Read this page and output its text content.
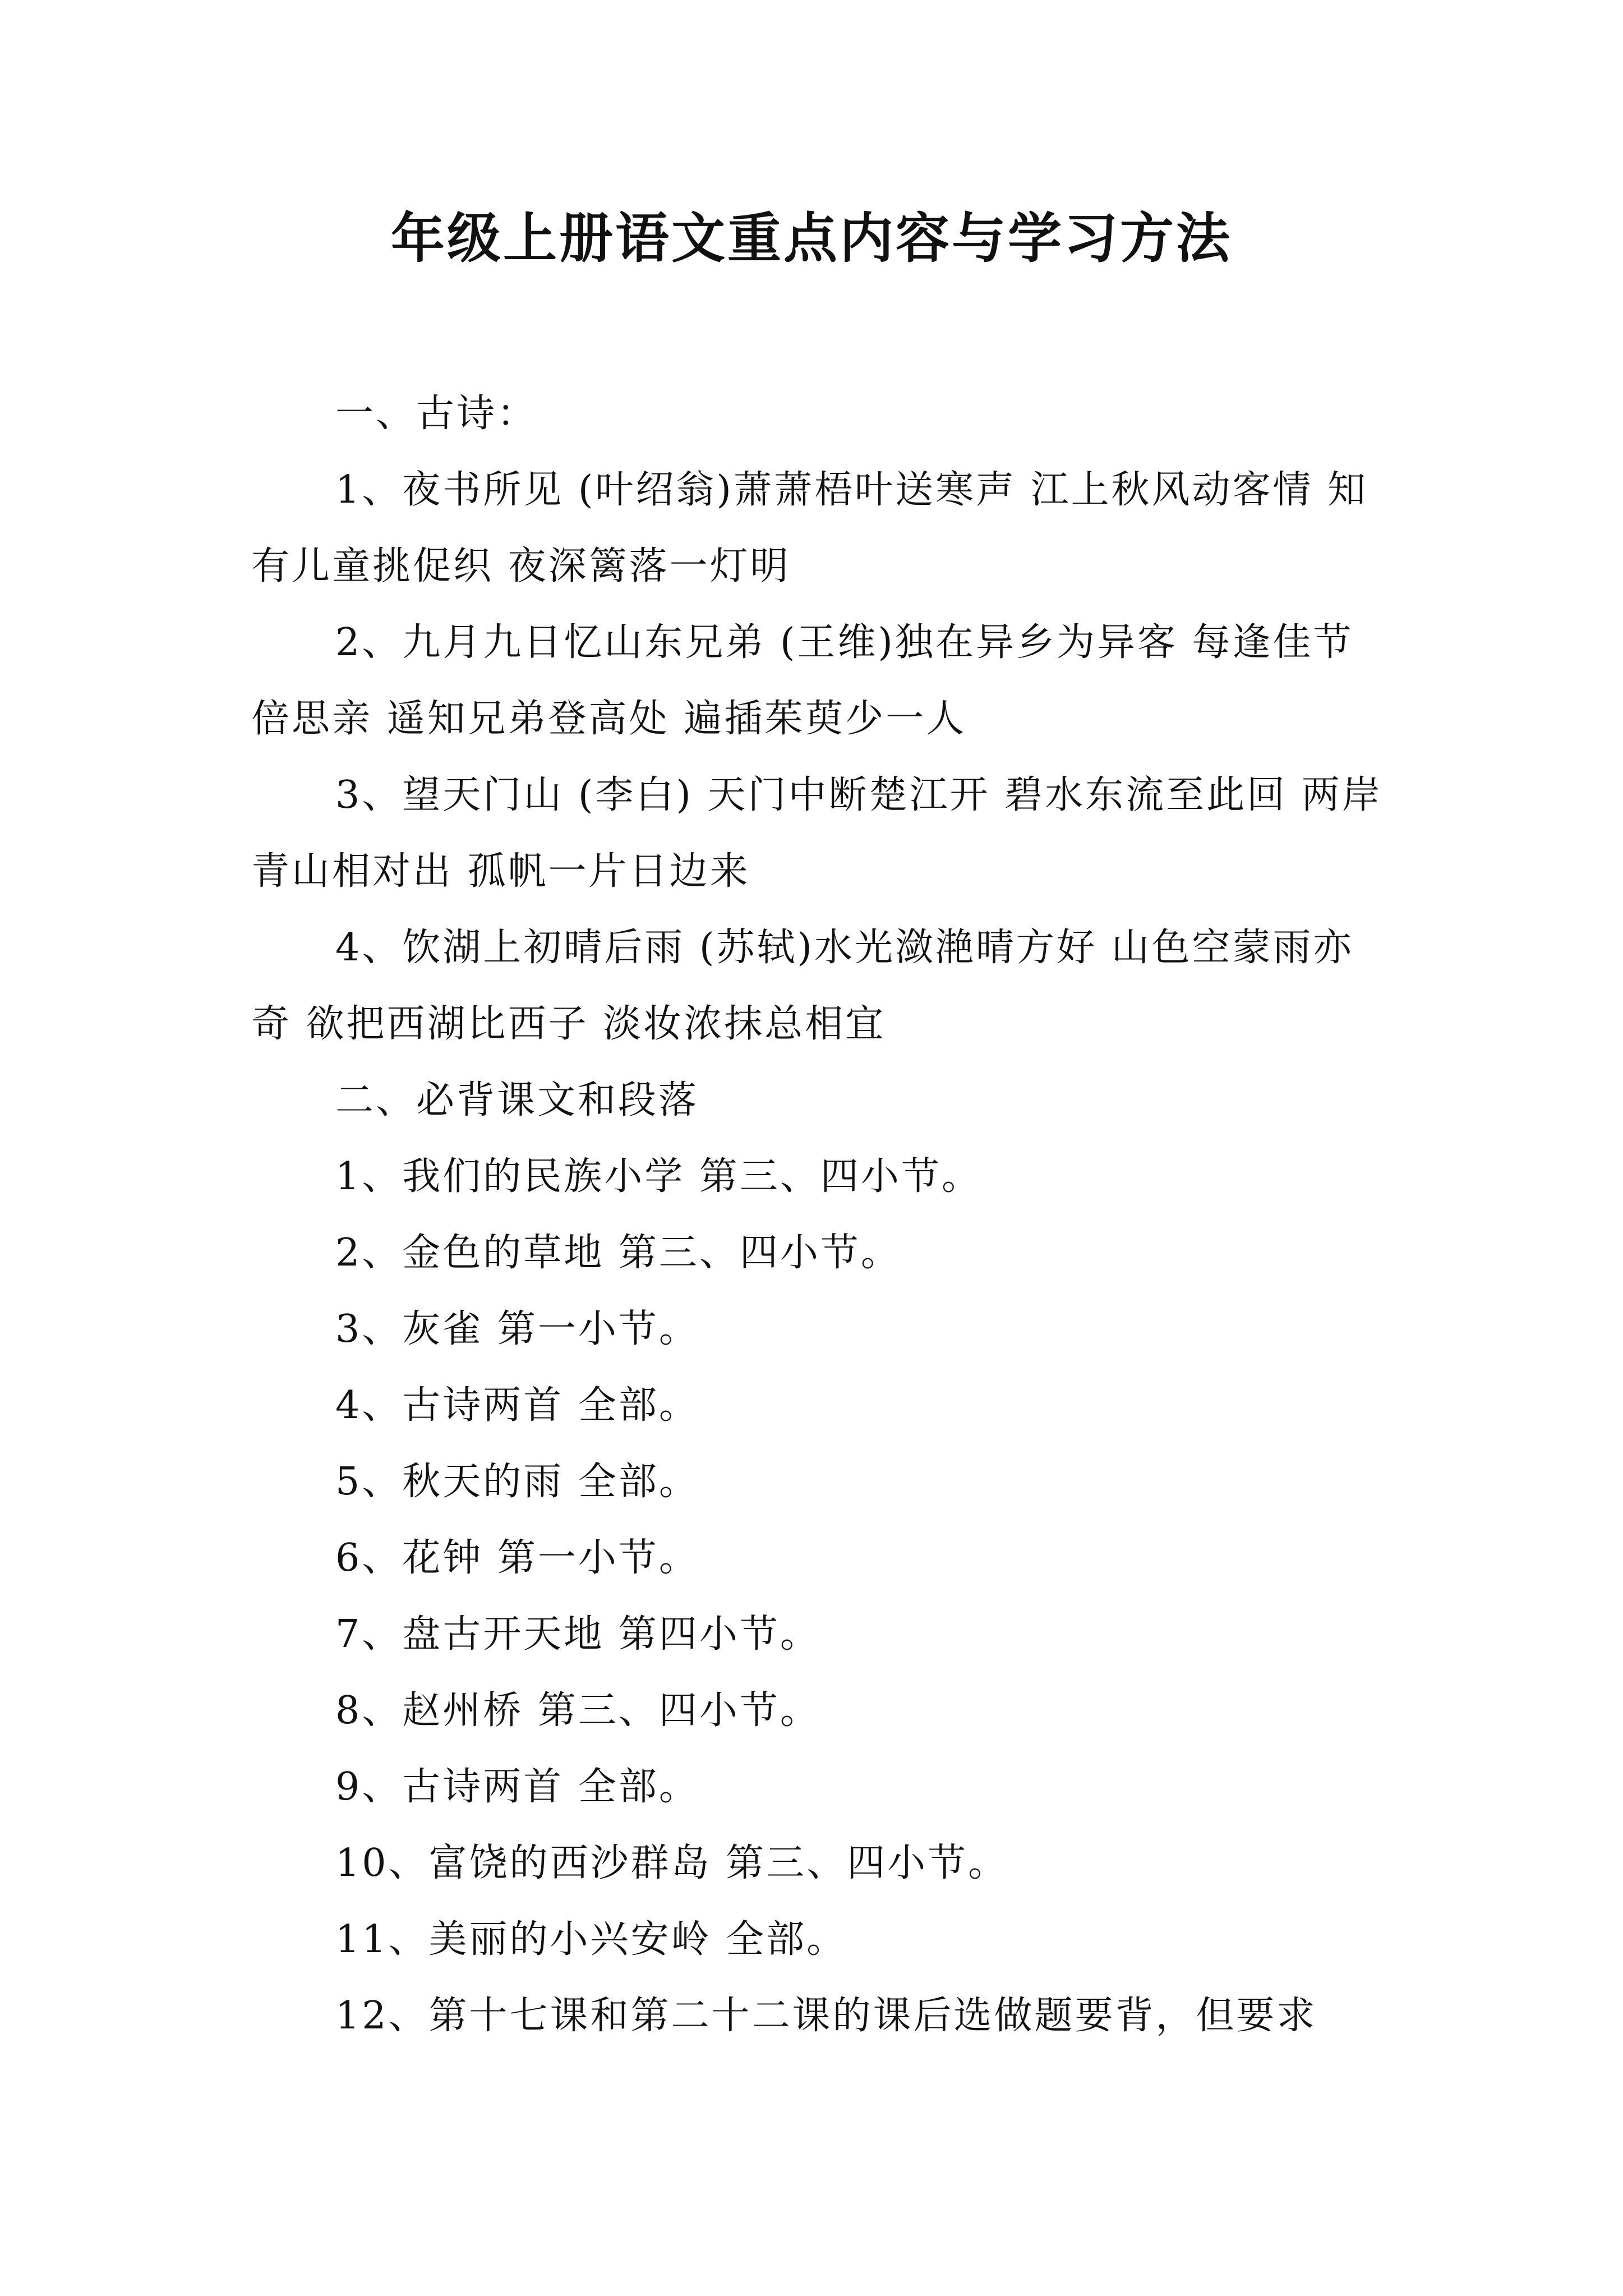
年级上册语文重点内容与学习方法

一、古诗：

1、夜书所见 (叶绍翁)萧萧梧叶送寒声 江上秋风动客情 知有儿童挑促织 夜深篱落一灯明

2、九月九日忆山东兄弟 (王维)独在异乡为异客 每逢佳节倍思亲 遥知兄弟登高处 遍插茱萸少一人

3、望天门山 (李白) 天门中断楚江开 碧水东流至此回 两岸青山相对出 孤帆一片日边来

4、饮湖上初晴后雨 (苏轼)水光潋滟晴方好 山色空蒙雨亦奇 欲把西湖比西子 淡妆浓抹总相宜

二、必背课文和段落

1、我们的民族小学 第三、四小节。

2、金色的草地 第三、四小节。

3、灰雀 第一小节。

4、古诗两首 全部。

5、秋天的雨 全部。

6、花钟 第一小节。

7、盘古开天地 第四小节。

8、赵州桥 第三、四小节。

9、古诗两首 全部。

10、富饶的西沙群岛 第三、四小节。

11、美丽的小兴安岭 全部。

12、第十七课和第二十二课的课后选做题要背，但要求
